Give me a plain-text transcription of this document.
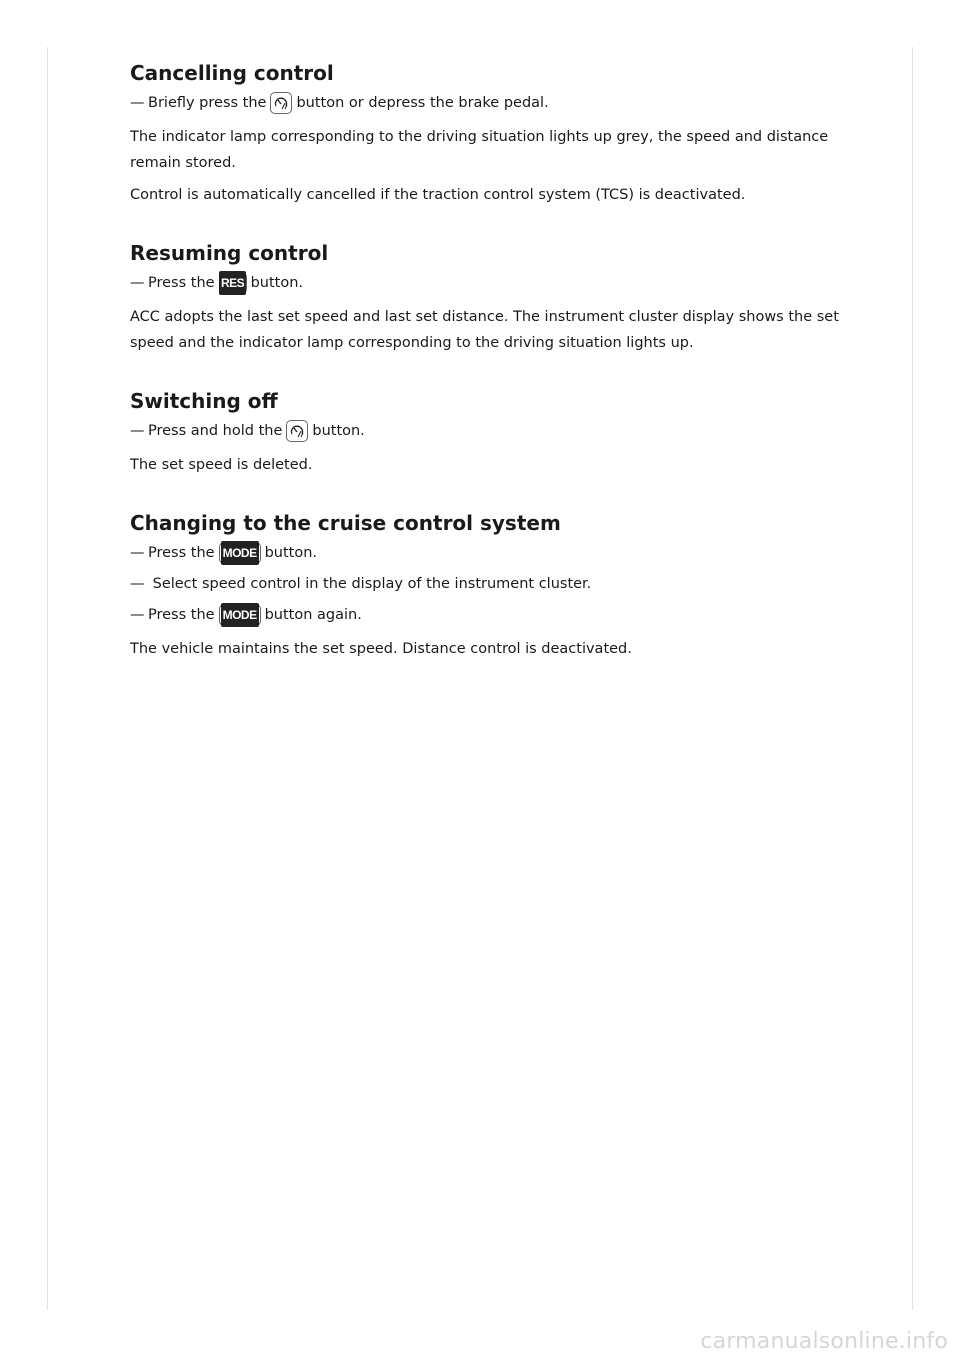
Cancelling control
— Briefly press the button or depress the brake pedal.

The indicator lamp corresponding to the driving situation lights up grey, the speed and distance remain stored.

Control is automatically cancelled if the traction control system (TCS) is deactivated.

Resuming control
— Press the RES button.

ACC adopts the last set speed and last set distance. The instrument cluster display shows the set speed and the indicator lamp corresponding to the driving situation lights up.

Switching off
— Press and hold the button.

The set speed is deleted.

Changing to the cruise control system
— Press the MODE button.
— Select speed control in the display of the instrument cluster.
— Press the MODE button again.

The vehicle maintains the set speed. Distance control is deactivated.

carmanualsonline.info
